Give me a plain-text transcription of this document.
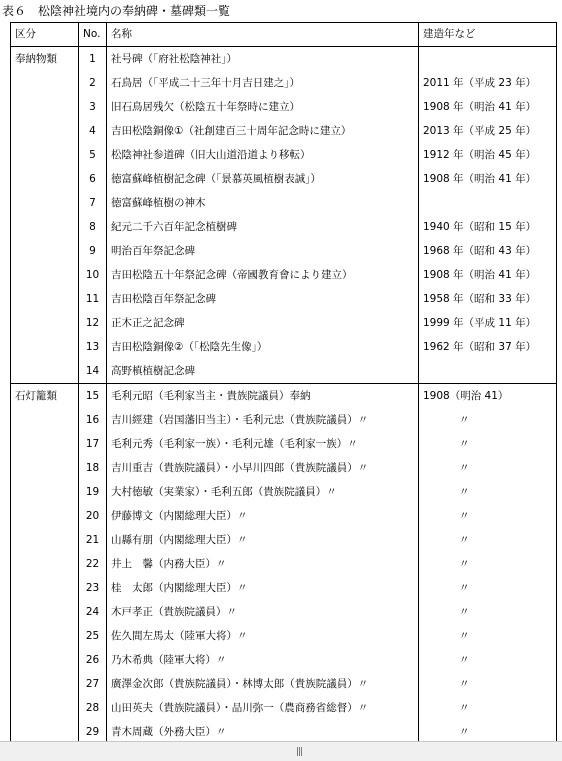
表６　松陰神社境内の奉納碑・墓碑類一覧
区分	No.	名称	建造年など
奉納物類	1	社号碑（「府社松陰神社」）	
	2	石鳥居（「平成二十三年十月吉日建之」）	2011 年（平成 23 年）
	3	旧石鳥居残欠（松陰五十年祭時に建立）	1908 年（明治 41 年）
	4	吉田松陰銅像①（社創建百三十周年記念時に建立）	2013 年（平成 25 年）
	5	松陰神社参道碑（旧大山道沿道より移転）	1912 年（明治 45 年）
	6	徳富蘇峰植樹記念碑（「景慕英風植樹表誠」）	1908 年（明治 41 年）
	7	徳富蘇峰植樹の神木	
	8	紀元二千六百年記念植樹碑	1940 年（昭和 15 年）
	9	明治百年祭記念碑	1968 年（昭和 43 年）
	10	吉田松陰五十年祭記念碑（帝國教育會により建立）	1908 年（明治 41 年）
	11	吉田松陰百年祭記念碑	1958 年（昭和 33 年）
	12	正木正之記念碑	1999 年（平成 11 年）
	13	吉田松陰銅像②（「松陰先生像」）	1962 年（昭和 37 年）
	14	高野槙植樹記念碑	
石灯籠類	15	毛利元昭（毛利家当主・貴族院議員）奉納	1908（明治 41）
	16	吉川經建（岩国藩旧当主）・毛利元忠（貴族院議員）〃	〃
	17	毛利元秀（毛利家一族）・毛利元雄（毛利家一族）〃	〃
	18	吉川重吉（貴族院議員）・小早川四郎（貴族院議員）〃	〃
	19	大村徳敏（実業家）・毛利五郎（貴族院議員）〃	〃
	20	伊藤博文（内閣総理大臣）〃	〃
	21	山縣有朋（内閣総理大臣）〃	〃
	22	井上　馨（内務大臣）〃	〃
	23	桂　太郎（内閣総理大臣）〃	〃
	24	木戸孝正（貴族院議員）〃	〃
	25	佐久間左馬太（陸軍大将）〃	〃
	26	乃木希典（陸軍大将）〃	〃
	27	廣澤金次郎（貴族院議員）・林博太郎（貴族院議員）〃	〃
	28	山田英夫（貴族院議員）・品川弥一（農商務省総督）〃	〃
	29	青木周蔵（外務大臣）〃	〃
|||
